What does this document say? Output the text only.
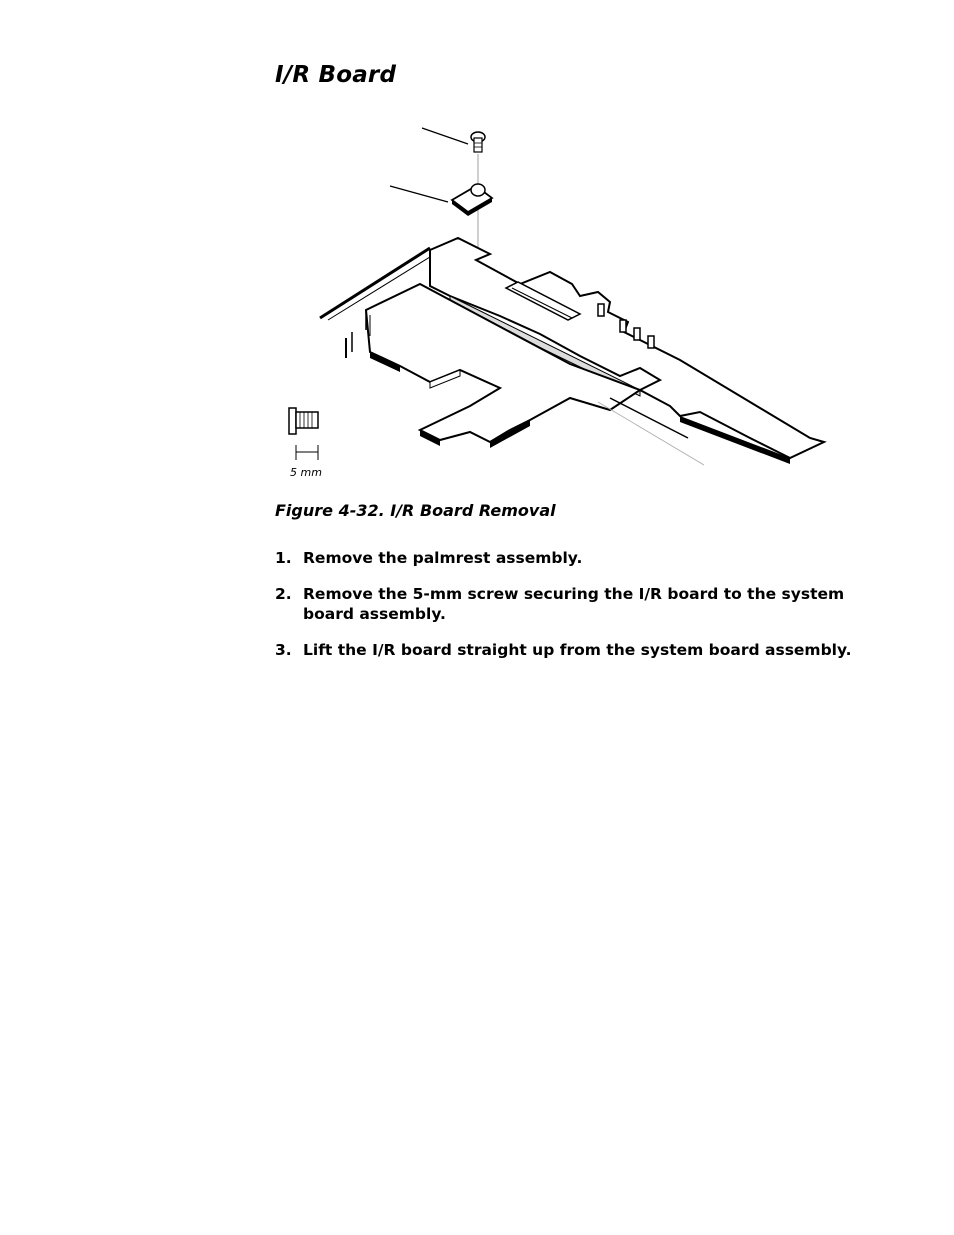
I/R Board
5 mm

Figure 4-32. I/R Board Removal

1. Remove the palmrest assembly.
2. Remove the 5-mm screw securing the I/R board to the system board assembly.
3. Lift the I/R board straight up from the system board assembly.
